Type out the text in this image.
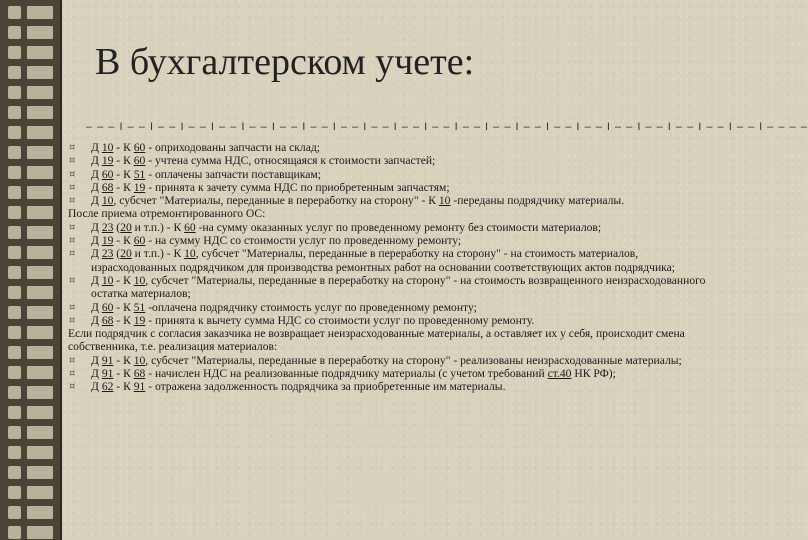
В бухгалтерском учете:
– – – I – – I – – I – – I – – I – – I – – I – – I – – I – – I – – I – – I – – I – – I – – I – – I – – I – – I – – I – – I – – I – – I – – – –
¤ Д 10 - К 60 - оприходованы запчасти на склад;
¤ Д 19 - К 60 - учтена сумма НДС, относящаяся к стоимости запчастей;
¤ Д 60 - К 51 - оплачены запчасти поставщикам;
¤ Д 68 - К 19 - принята к зачету сумма НДС по приобретенным запчастям;
¤ Д 10, субсчет "Материалы, переданные в переработку на сторону" - К 10 -переданы подрядчику материалы.
После приема отремонтированного ОС:
¤ Д 23 (20 и т.п.) - К 60 -на сумму оказанных услуг по проведенному ремонту без стоимости материалов;
¤ Д 19 - К 60 - на сумму НДС со стоимости услуг по проведенному ремонту;
¤ Д 23 (20 и т.п.) - К 10, субсчет "Материалы, переданные в переработку на сторону" - на стоимость материалов, израсходованных подрядчиком для производства ремонтных работ на основании соответствующих актов подрядчика;
¤ Д 10 - К 10, субсчет "Материалы, переданные в переработку на сторону" - на стоимость возвращенного неизрасходованного остатка материалов;
¤ Д 60 - К 51 -оплачена подрядчику стоимость услуг по проведенному ремонту;
¤ Д 68 - К 19 - принята к вычету сумма НДС со стоимости услуг по проведенному ремонту.
Если подрядчик с согласия заказчика не возвращает неизрасходованные материалы, а оставляет их у себя, происходит смена собственника, т.е. реализация материалов:
¤ Д 91 - К 10, субсчет "Материалы, переданные в переработку на сторону" - реализованы неизрасходованные материалы;
¤ Д 91 - К 68 - начислен НДС на реализованные подрядчику материалы (с учетом требований ст.40 НК РФ);
¤ Д 62 - К 91 - отражена задолженность подрядчика за приобретенные им материалы.
